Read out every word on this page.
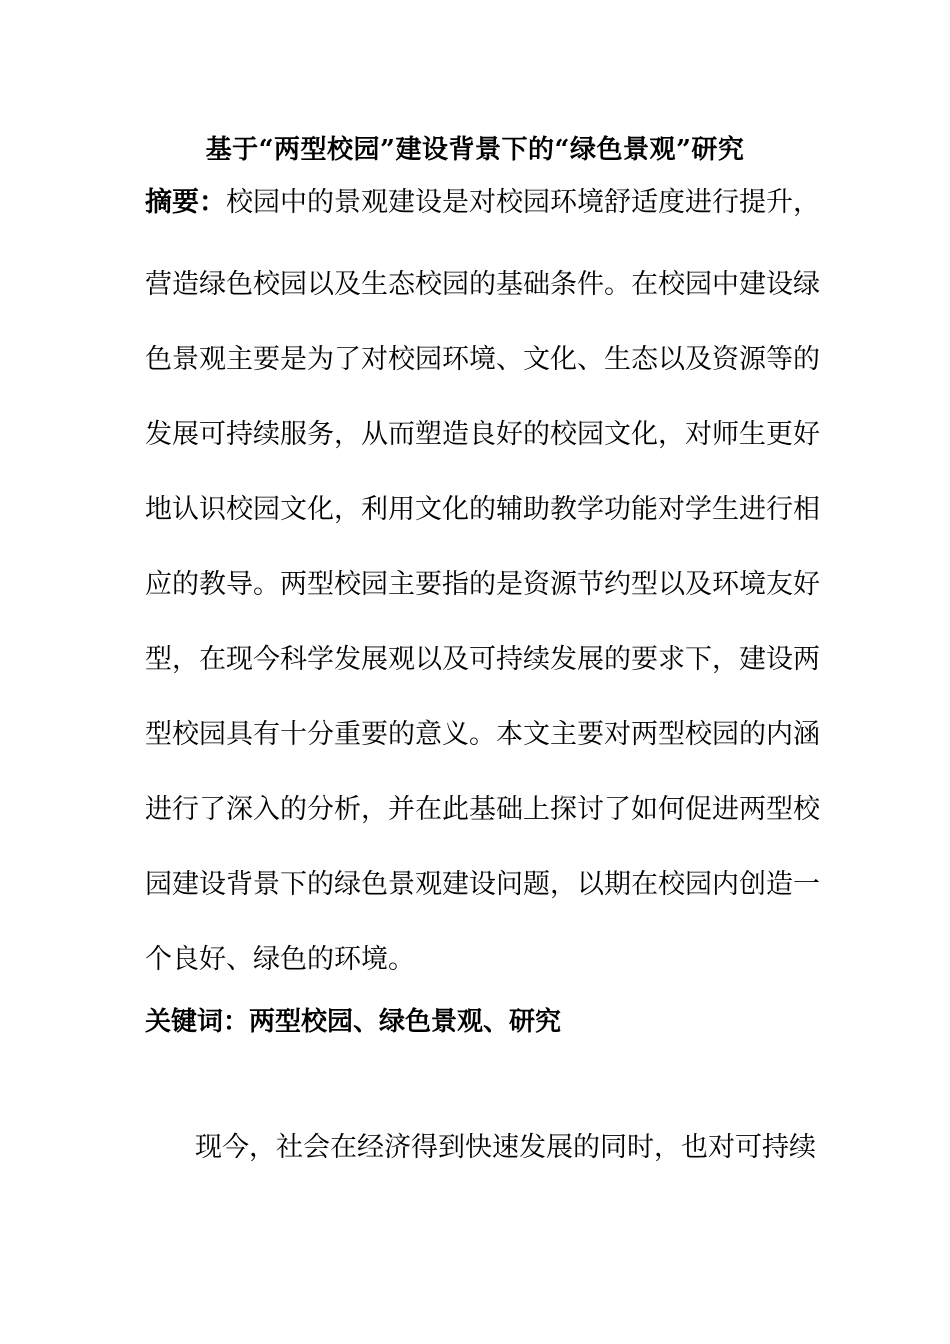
基于“两型校园”建设背景下的“绿色景观”研究
摘要：校园中的景观建设是对校园环境舒适度进行提升，
营造绿色校园以及生态校园的基础条件。在校园中建设绿
色景观主要是为了对校园环境、文化、生态以及资源等的
发展可持续服务，从而塑造良好的校园文化，对师生更好
地认识校园文化，利用文化的辅助教学功能对学生进行相
应的教导。两型校园主要指的是资源节约型以及环境友好
型，在现今科学发展观以及可持续发展的要求下，建设两
型校园具有十分重要的意义。本文主要对两型校园的内涵
进行了深入的分析，并在此基础上探讨了如何促进两型校
园建设背景下的绿色景观建设问题，以期在校园内创造一
个良好、绿色的环境。
关键词：两型校园、绿色景观、研究
现今，社会在经济得到快速发展的同时，也对可持续
